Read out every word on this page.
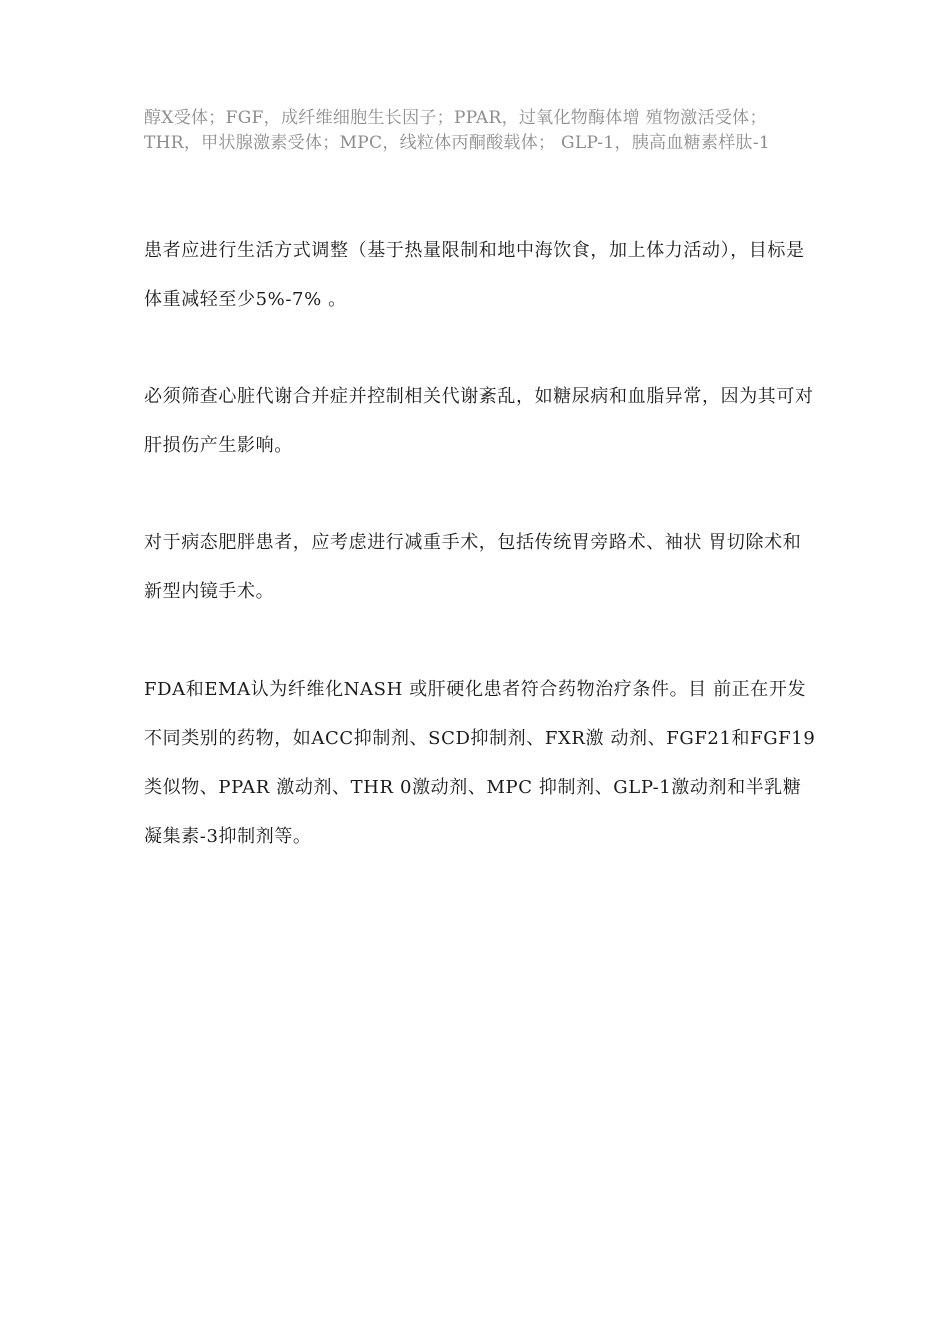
醇X受体；FGF，成纤维细胞生长因子；PPAR，过氧化物酶体增 殖物激活受体；THR，甲状腺激素受体；MPC，线粒体丙酮酸载体； GLP-1，胰高血糖素样肽-1

患者应进行生活方式调整（基于热量限制和地中海饮食，加上体力活动），目标是体重减轻至少5%-7% 。

必须筛查心脏代谢合并症并控制相关代谢紊乱，如糖尿病和血脂异常，因为其可对肝损伤产生影响。

对于病态肥胖患者，应考虑进行减重手术，包括传统胃旁路术、袖状 胃切除术和新型内镜手术。

FDA和EMA认为纤维化NASH 或肝硬化患者符合药物治疗条件。目 前正在开发不同类别的药物，如ACC抑制剂、SCD抑制剂、FXR激 动剂、FGF21和FGF19类似物、PPAR 激动剂、THR 0激动剂、MPC 抑制剂、GLP-1激动剂和半乳糖凝集素-3抑制剂等。
